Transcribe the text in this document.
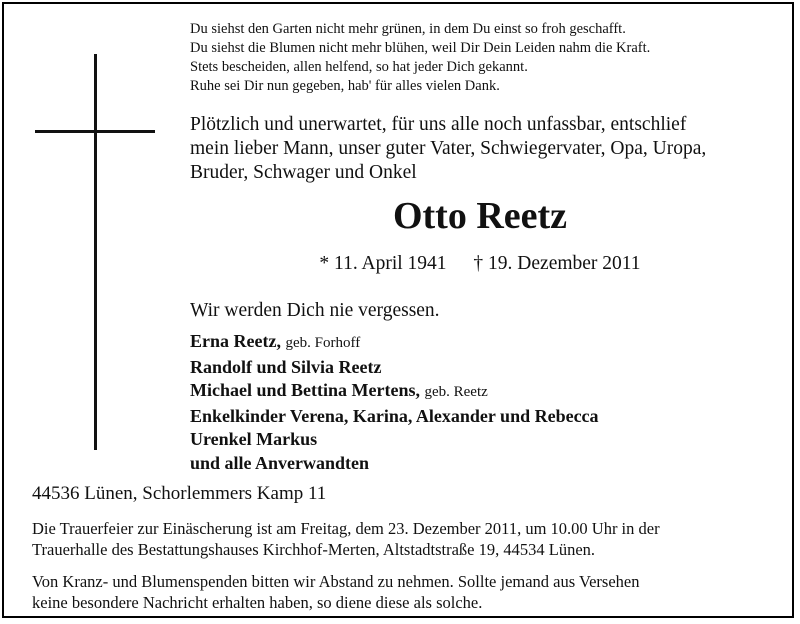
Du siehst den Garten nicht mehr grünen, in dem Du einst so froh geschafft.
Du siehst die Blumen nicht mehr blühen, weil Dir Dein Leiden nahm die Kraft.
Stets bescheiden, allen helfend, so hat jeder Dich gekannt.
Ruhe sei Dir nun gegeben, hab' für alles vielen Dank.
Plötzlich und unerwartet, für uns alle noch unfassbar, entschlief
mein lieber Mann, unser guter Vater, Schwiegervater, Opa, Uropa,
Bruder, Schwager und Onkel
Otto Reetz
* 11. April 1941 † 19. Dezember 2011
Wir werden Dich nie vergessen.
Erna Reetz, geb. Forhoff
Randolf und Silvia Reetz
Michael und Bettina Mertens, geb. Reetz
Enkelkinder Verena, Karina, Alexander und Rebecca
Urenkel Markus
und alle Anverwandten
44536 Lünen, Schorlemmers Kamp 11
Die Trauerfeier zur Einäscherung ist am Freitag, dem 23. Dezember 2011, um 10.00 Uhr in der
Trauerhalle des Bestattungshauses Kirchhof-Merten, Altstadtstraße 19, 44534 Lünen.
Von Kranz- und Blumenspenden bitten wir Abstand zu nehmen. Sollte jemand aus Versehen
keine besondere Nachricht erhalten haben, so diene diese als solche.
